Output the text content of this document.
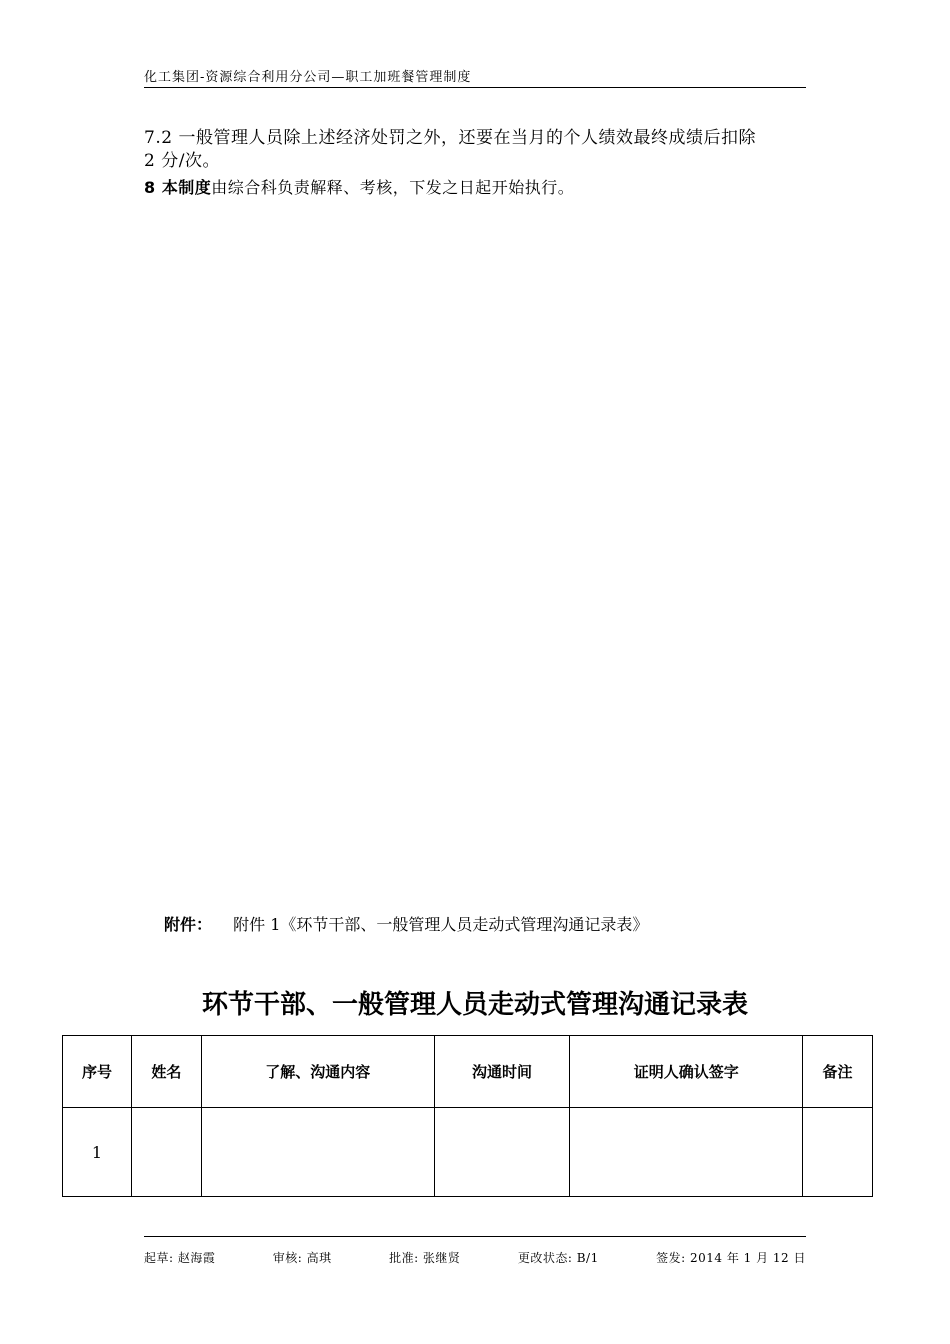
化工集团-资源综合利用分公司—职工加班餐管理制度
7.2 一般管理人员除上述经济处罚之外，还要在当月的个人绩效最终成绩后扣除
2 分/次。
8 本制度由综合科负责解释、考核，下发之日起开始执行。
附件： 附件 1《环节干部、一般管理人员走动式管理沟通记录表》
环节干部、一般管理人员走动式管理沟通记录表
序号	姓名	了解、沟通内容	沟通时间	证明人确认签字	备注
1					
起草: 赵海霞	审核: 高琪	批准: 张继贤	更改状态: B/1	签发: 2014 年 1 月 12 日
